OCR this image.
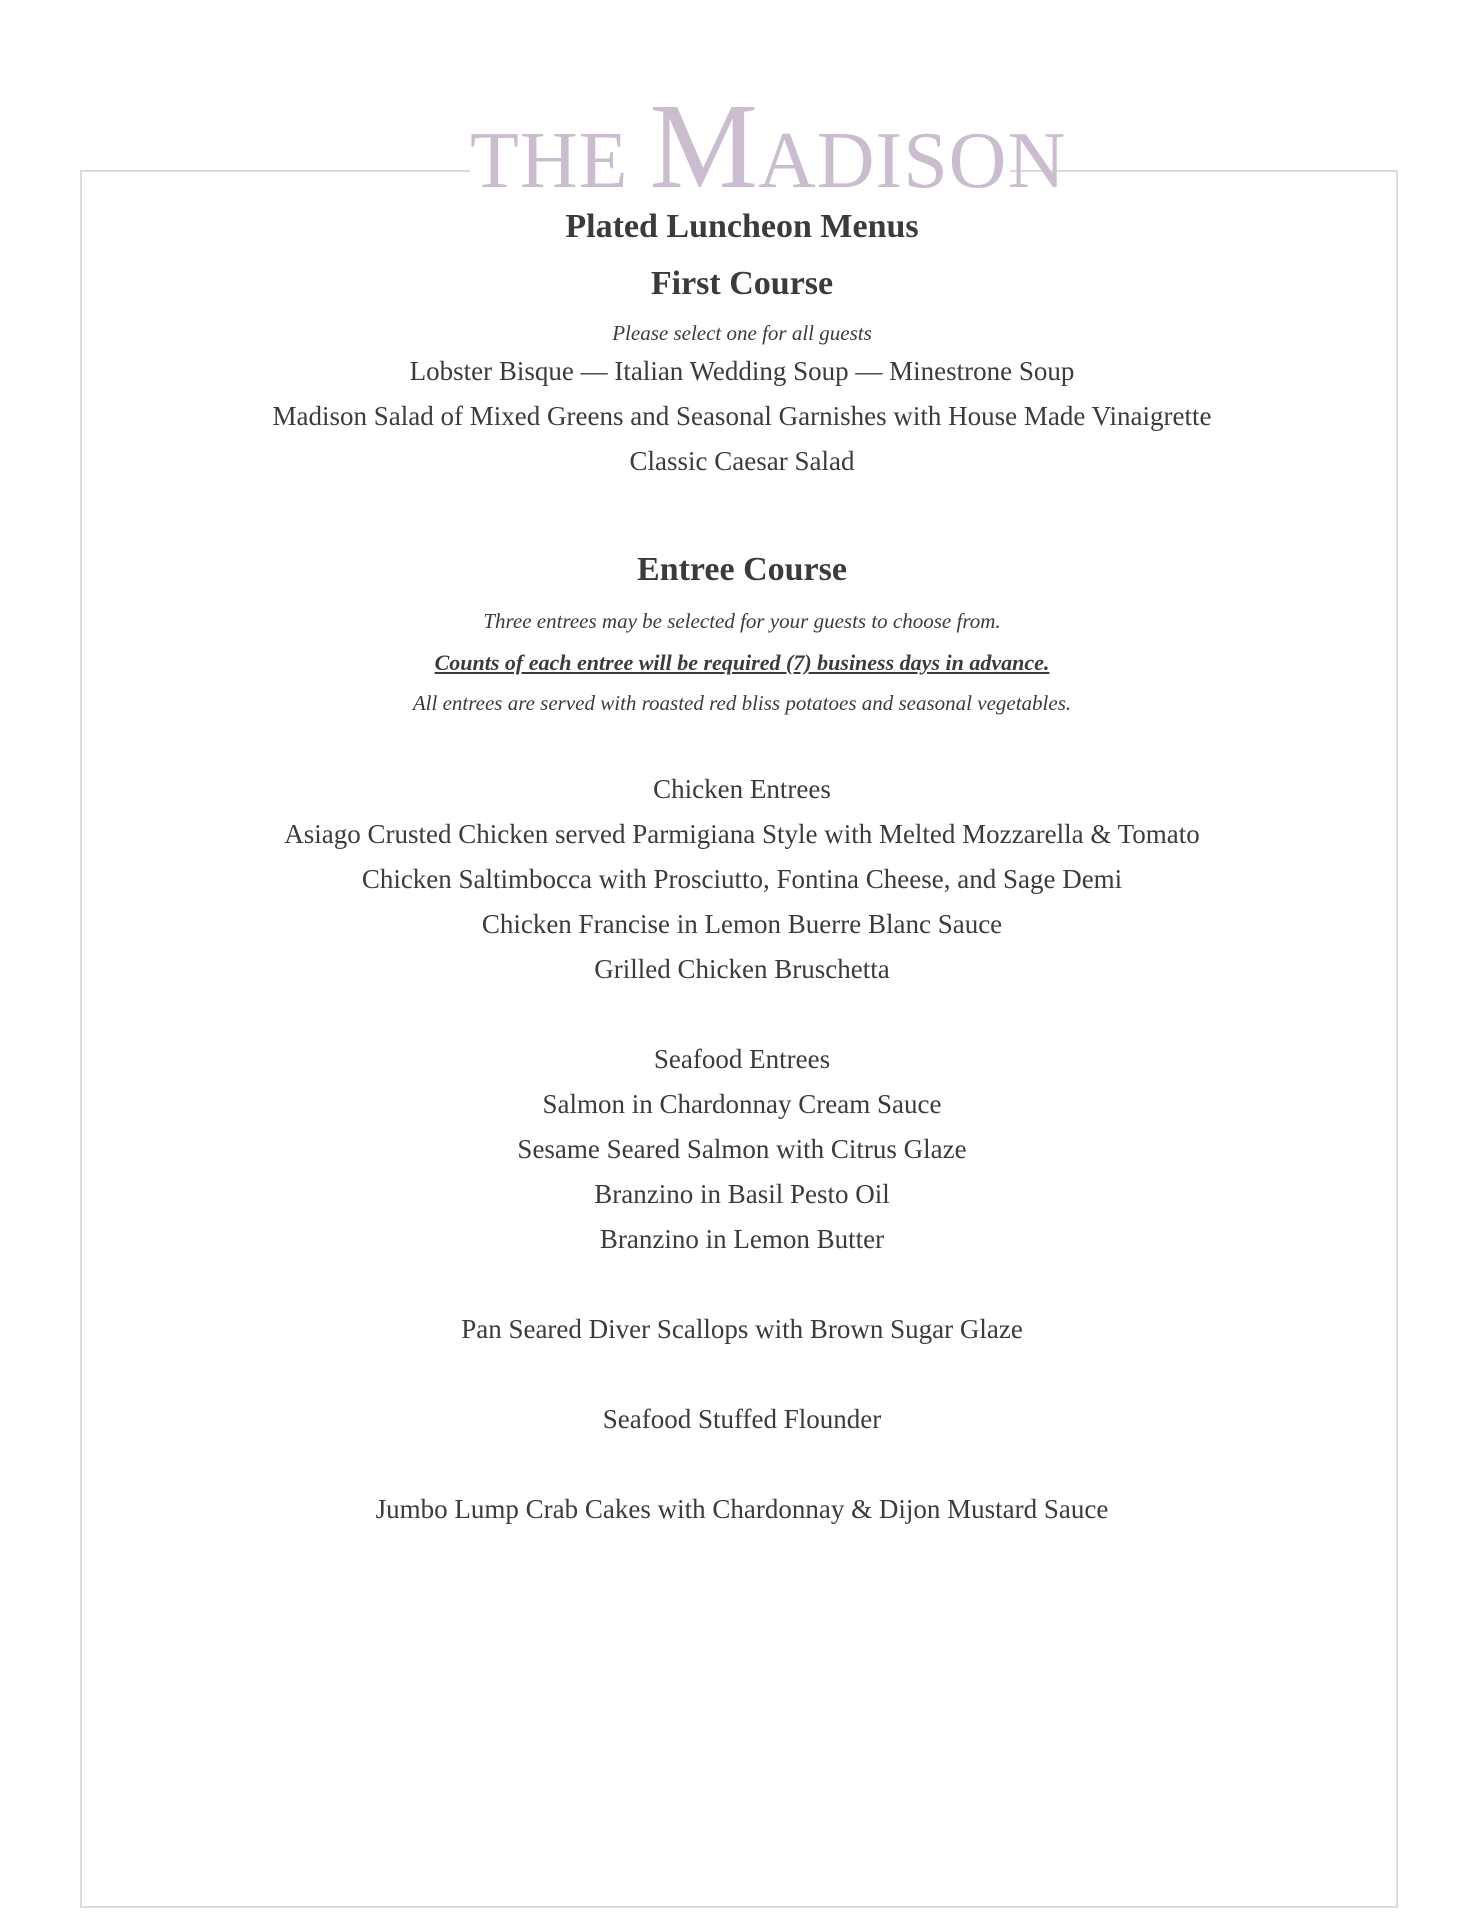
THE MADISON
Plated Luncheon Menus
First Course
Please select one for all guests
Lobster Bisque — Italian Wedding Soup — Minestrone Soup
Madison Salad of Mixed Greens and Seasonal Garnishes with House Made Vinaigrette
Classic Caesar Salad
Entree Course
Three entrees may be selected for your guests to choose from.
Counts of each entree will be required (7) business days in advance.
All entrees are served with roasted red bliss potatoes and seasonal vegetables.
Chicken Entrees
Asiago Crusted Chicken served Parmigiana Style with Melted Mozzarella & Tomato
Chicken Saltimbocca with Prosciutto, Fontina Cheese, and Sage Demi
Chicken Francise in Lemon Buerre Blanc Sauce
Grilled Chicken Bruschetta
Seafood Entrees
Salmon in Chardonnay Cream Sauce
Sesame Seared Salmon with Citrus Glaze
Branzino in Basil Pesto Oil
Branzino in Lemon Butter
Pan Seared Diver Scallops with Brown Sugar Glaze
Seafood Stuffed Flounder
Jumbo Lump Crab Cakes with Chardonnay & Dijon Mustard Sauce
